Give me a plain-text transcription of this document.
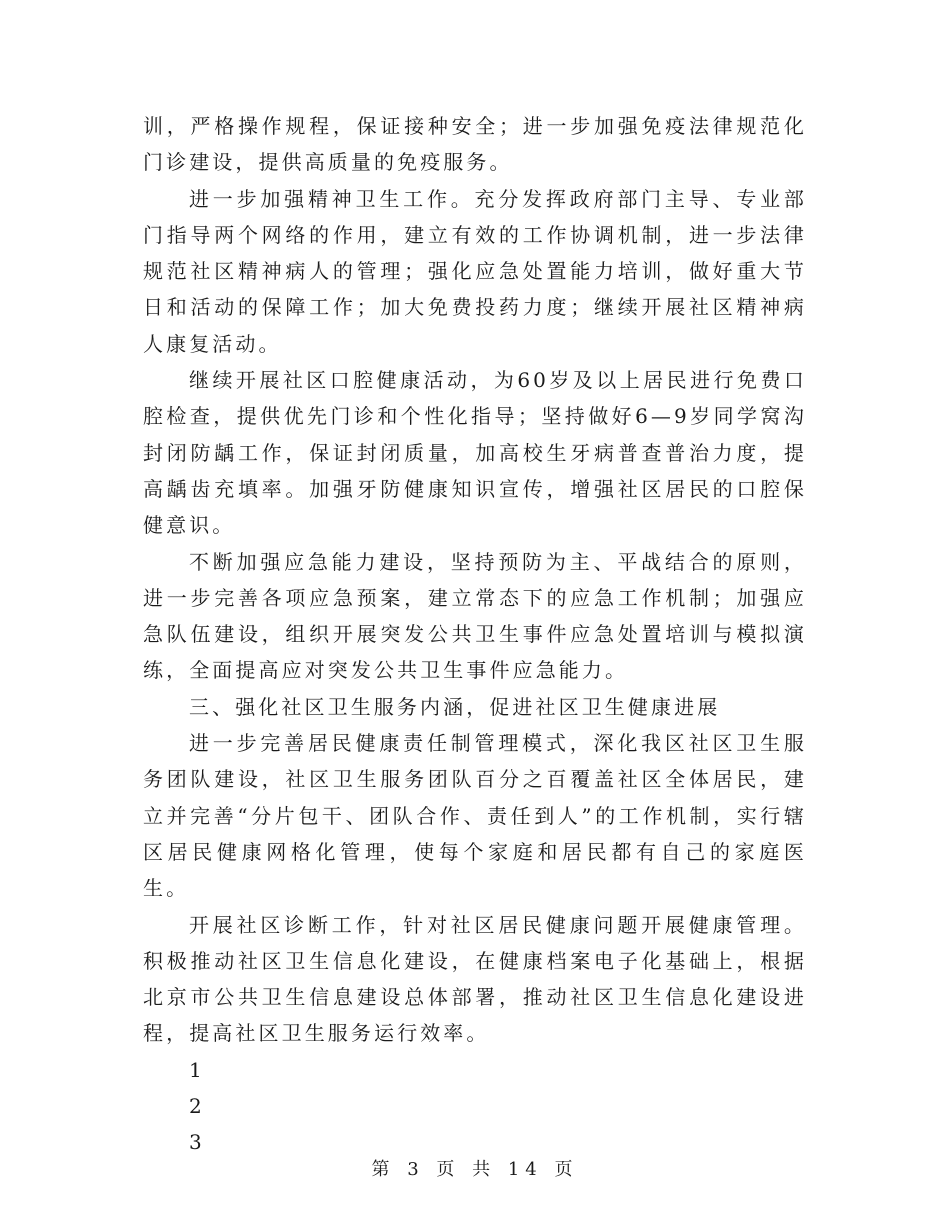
训，严格操作规程，保证接种安全；进一步加强免疫法律规范化门诊建设，提供高质量的免疫服务。

进一步加强精神卫生工作。充分发挥政府部门主导、专业部门指导两个网络的作用，建立有效的工作协调机制，进一步法律规范社区精神病人的管理；强化应急处置能力培训，做好重大节日和活动的保障工作；加大免费投药力度；继续开展社区精神病人康复活动。

继续开展社区口腔健康活动，为60岁及以上居民进行免费口腔检查，提供优先门诊和个性化指导；坚持做好6—9岁同学窝沟封闭防龋工作，保证封闭质量，加高校生牙病普查普治力度，提高龋齿充填率。加强牙防健康知识宣传，增强社区居民的口腔保健意识。

不断加强应急能力建设，坚持预防为主、平战结合的原则，进一步完善各项应急预案，建立常态下的应急工作机制；加强应急队伍建设，组织开展突发公共卫生事件应急处置培训与模拟演练，全面提高应对突发公共卫生事件应急能力。

三、强化社区卫生服务内涵，促进社区卫生健康进展

进一步完善居民健康责任制管理模式，深化我区社区卫生服务团队建设，社区卫生服务团队百分之百覆盖社区全体居民，建立并完善“分片包干、团队合作、责任到人”的工作机制，实行辖区居民健康网格化管理，使每个家庭和居民都有自己的家庭医生。

开展社区诊断工作，针对社区居民健康问题开展健康管理。积极推动社区卫生信息化建设，在健康档案电子化基础上，根据北京市公共卫生信息建设总体部署，推动社区卫生信息化建设进程，提高社区卫生服务运行效率。

1

2

3

第 3 页 共 14 页
